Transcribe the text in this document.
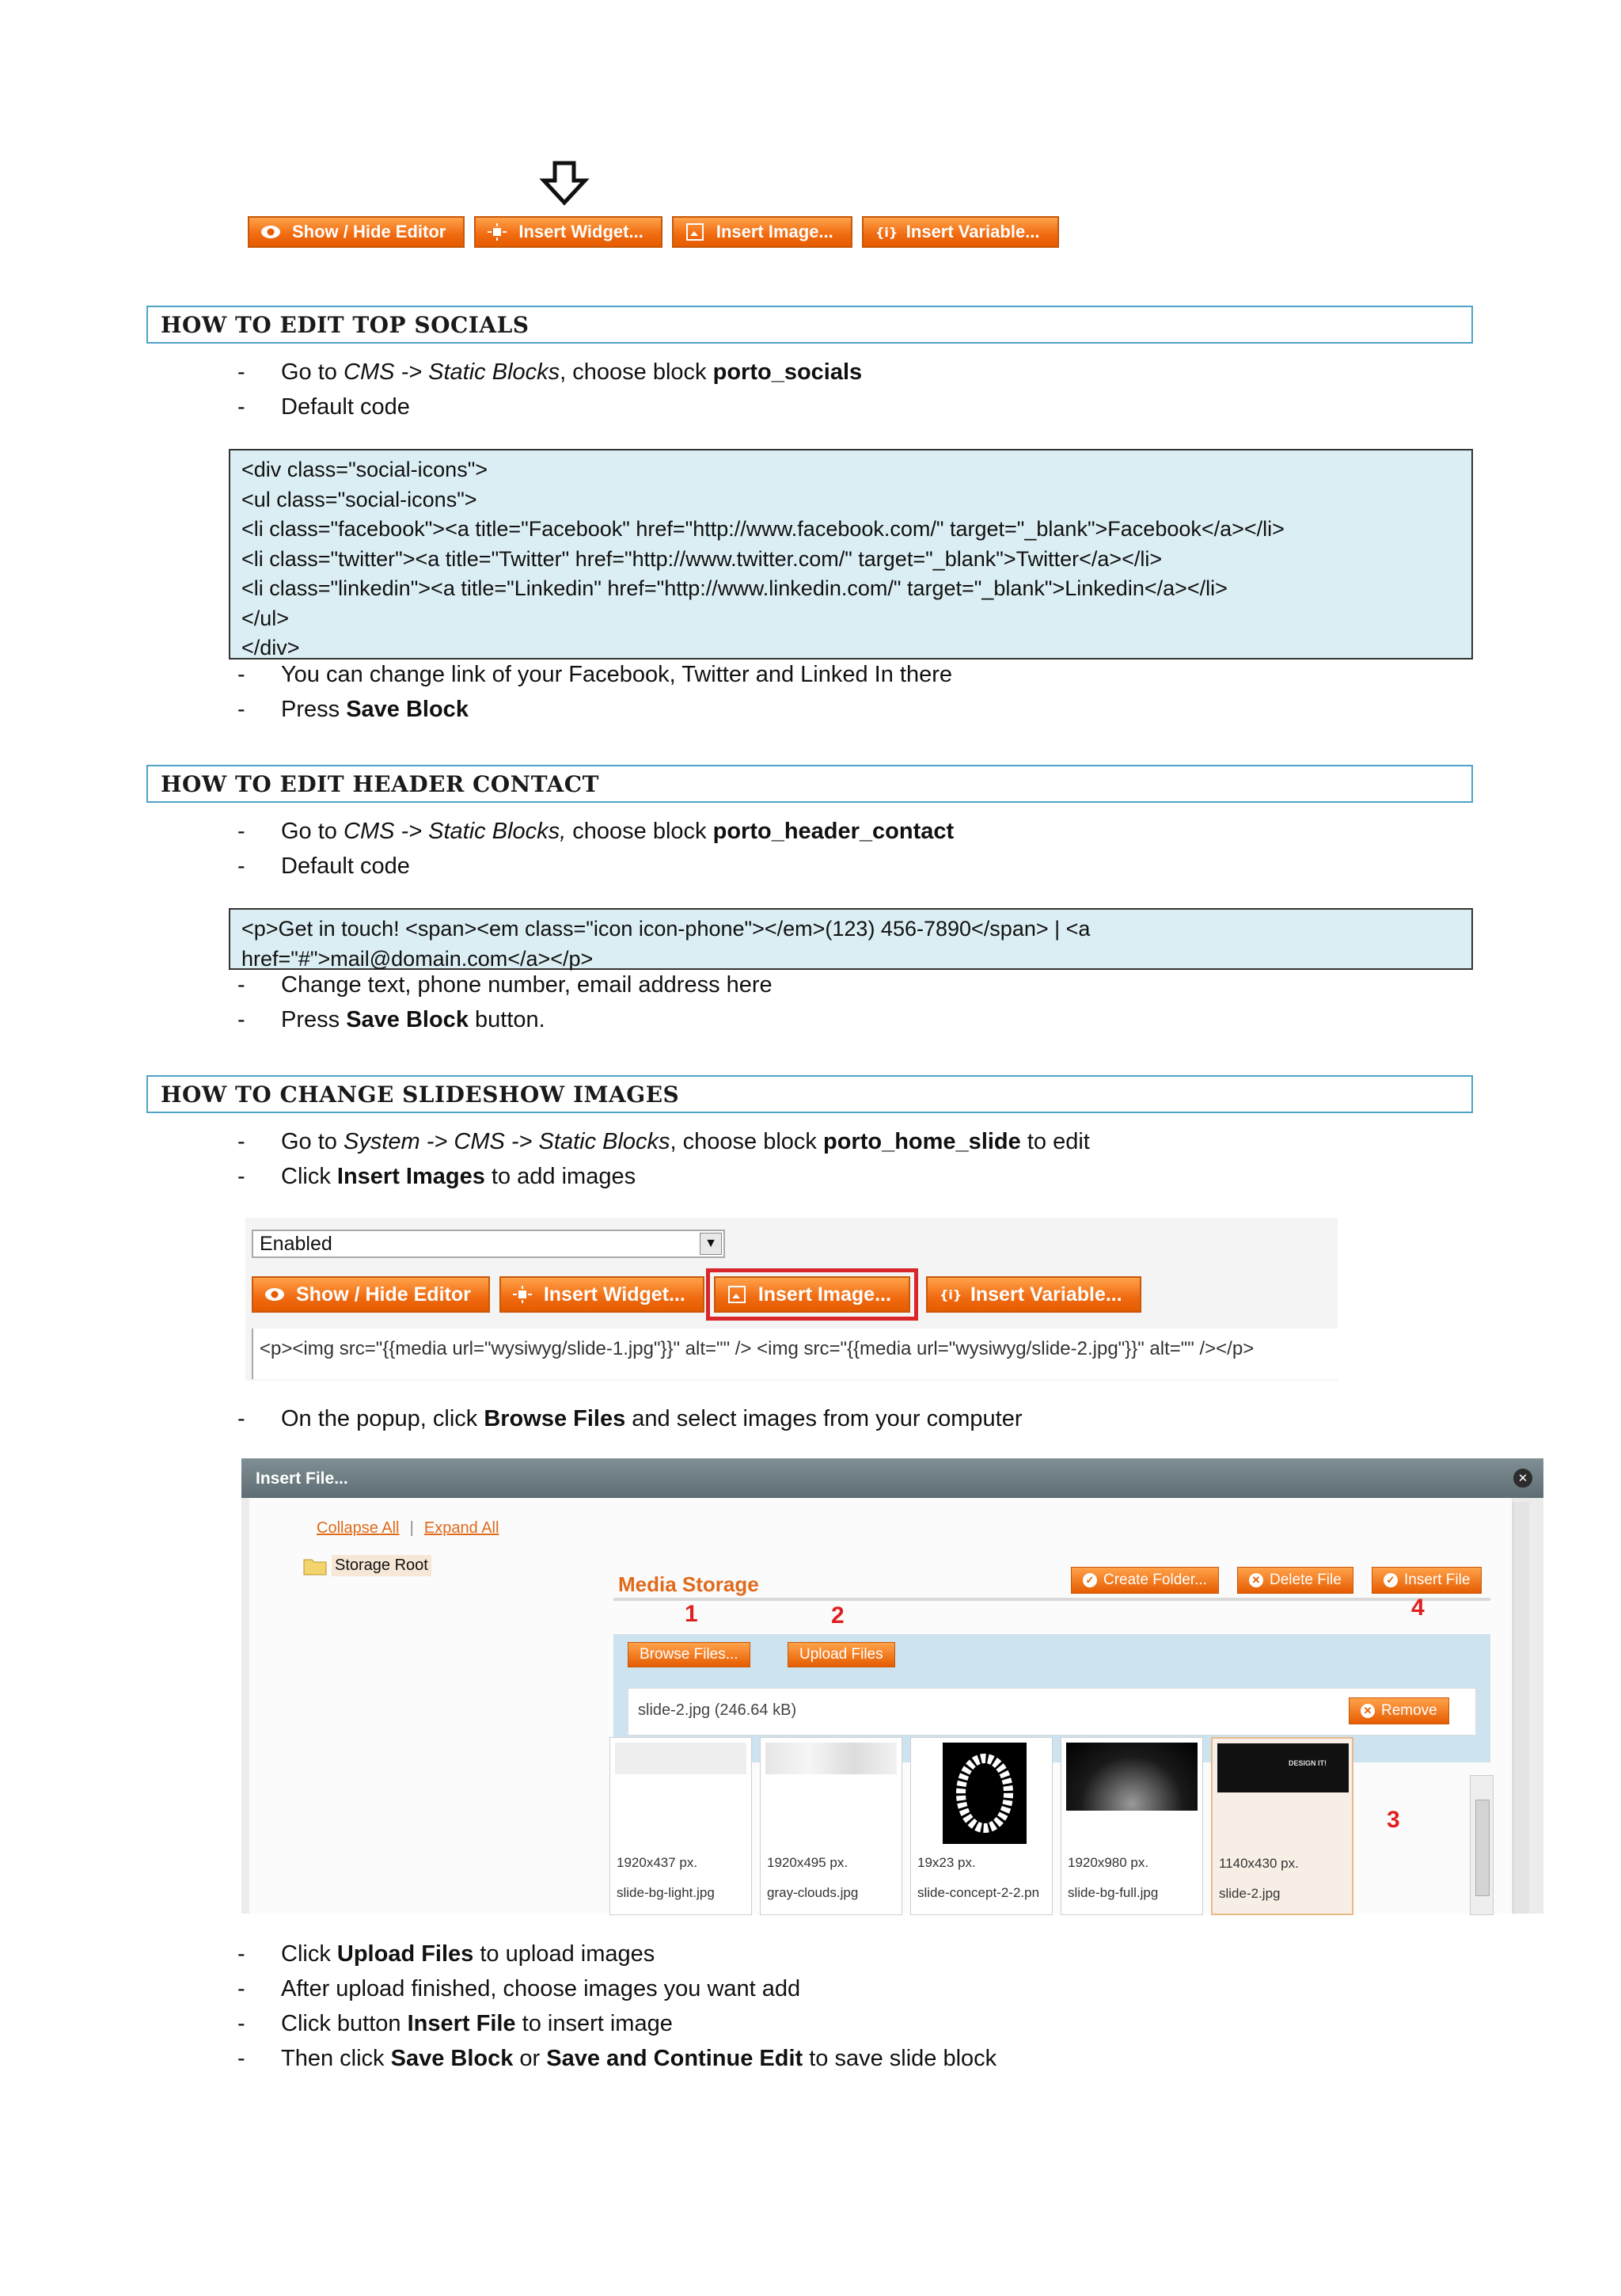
Show / Hide Editor	Insert Widget...	Insert Image...	{i} Insert Variable...
HOW TO EDIT TOP SOCIALS
- Go to CMS -> Static Blocks, choose block porto_socials
- Default code
<div class="social-icons">
<ul class="social-icons">
<li class="facebook"><a title="Facebook" href="http://www.facebook.com/" target="_blank">Facebook</a></li>
<li class="twitter"><a title="Twitter" href="http://www.twitter.com/" target="_blank">Twitter</a></li>
<li class="linkedin"><a title="Linkedin" href="http://www.linkedin.com/" target="_blank">Linkedin</a></li>
</ul>
</div>
- You can change link of your Facebook, Twitter and Linked In there
- Press Save Block
HOW TO EDIT HEADER CONTACT
- Go to CMS -> Static Blocks, choose block porto_header_contact
- Default code
<p>Get in touch! <span><em class="icon icon-phone"></em>(123) 456-7890</span> | <a
href="#">mail@domain.com</a></p>
- Change text, phone number, email address here
- Press Save Block button.
HOW TO CHANGE SLIDESHOW IMAGES
- Go to System -> CMS -> Static Blocks, choose block porto_home_slide to edit
- Click Insert Images to add images
Enabled	▼
Show / Hide Editor	Insert Widget...	Insert Image...	{i} Insert Variable...
<p><img src="{{media url="wysiwyg/slide-1.jpg"}}" alt="" /> <img src="{{media url="wysiwyg/slide-2.jpg"}}" alt="" /></p>
- On the popup, click Browse Files and select images from your computer
Insert File...	✕
Collapse All | Expand All
Storage Root
Media Storage	✓ Create Folder...	✕ Delete File	✓ Insert File
1	2	4
Browse Files...	Upload Files
slide-2.jpg (246.64 kB)	✕ Remove
3
1920x437 px.
slide-bg-light.jpg
1920x495 px.
gray-clouds.jpg
19x23 px.
slide-concept-2-2.pn
1920x980 px.
slide-bg-full.jpg
DESIGN IT!
1140x430 px.
slide-2.jpg
- Click Upload Files to upload images
- After upload finished, choose images you want add
- Click button Insert File to insert image
- Then click Save Block or Save and Continue Edit to save slide block
